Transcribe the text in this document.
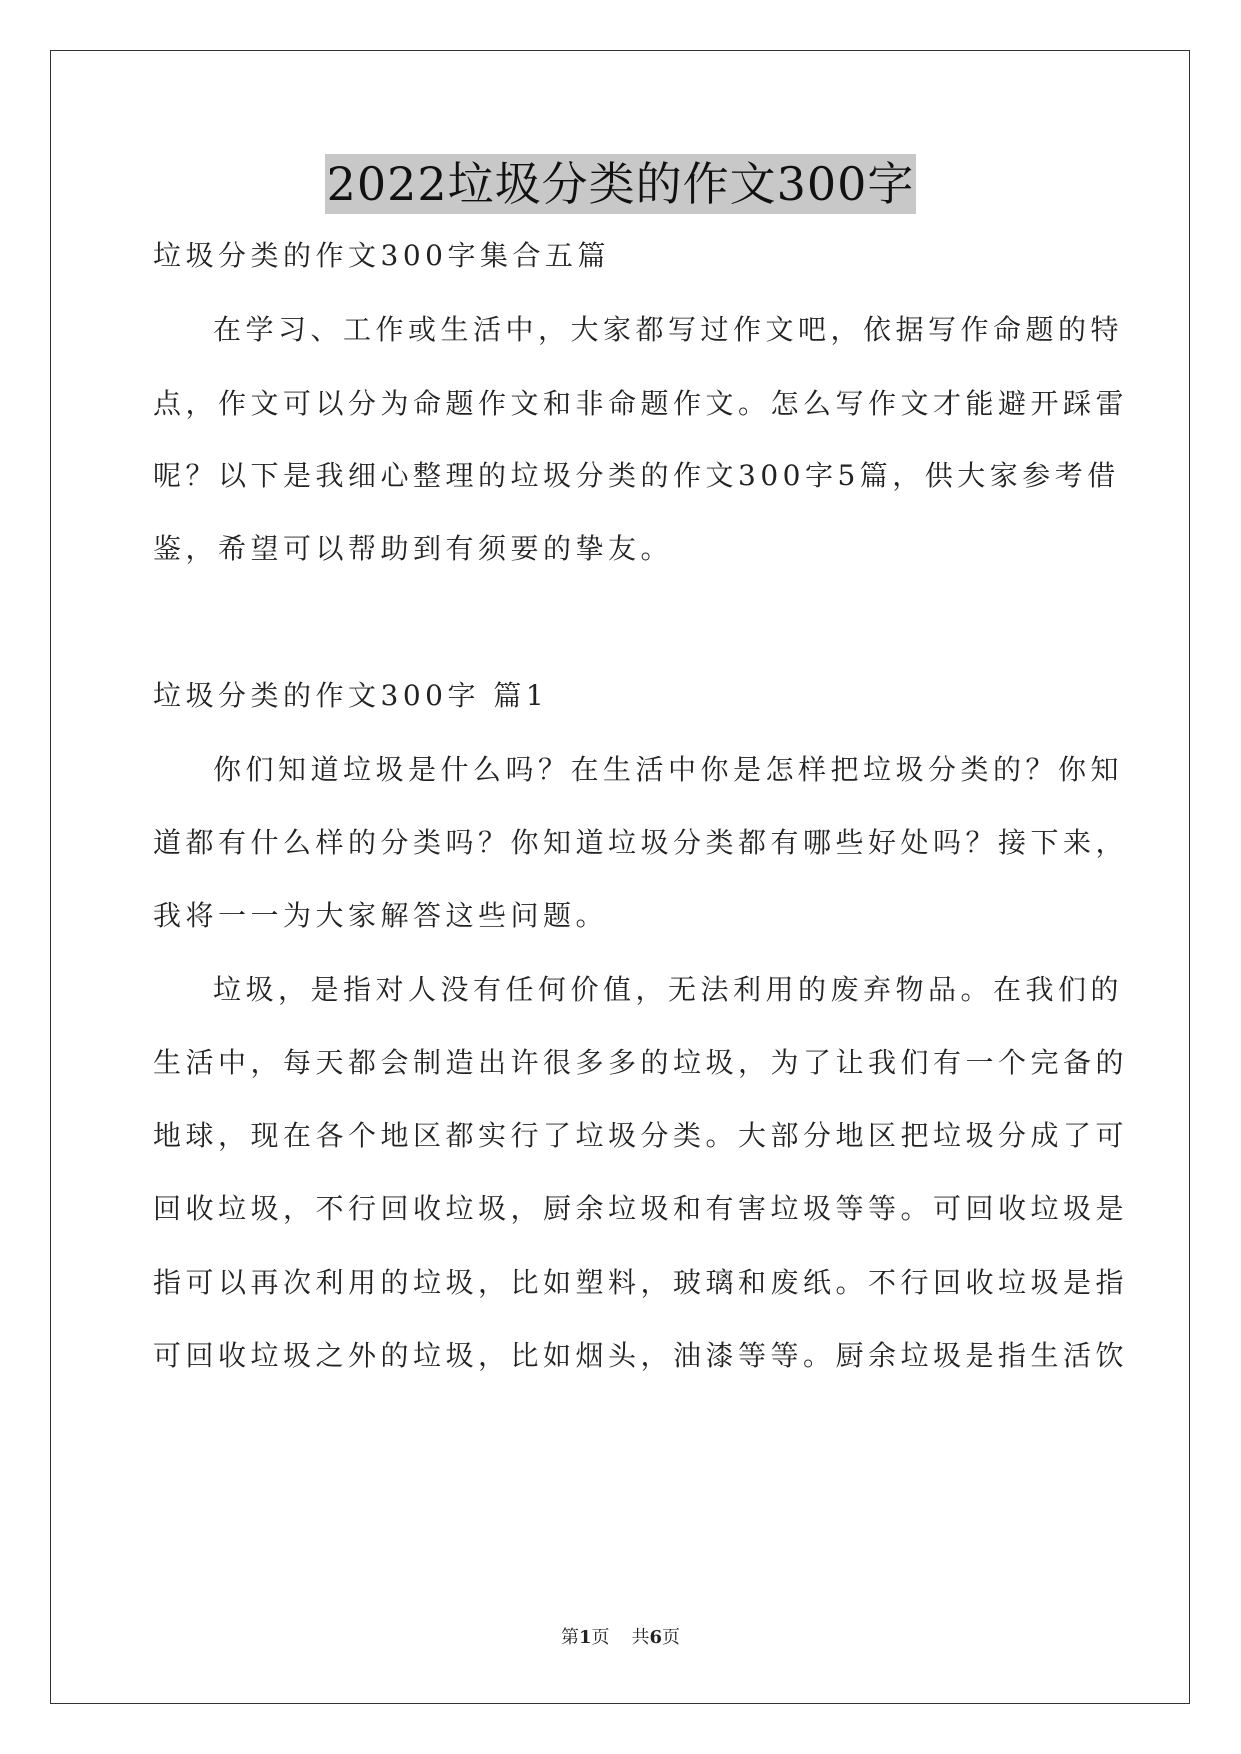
2022垃圾分类的作文300字
垃圾分类的作文300字集合五篇
在学习、工作或生活中，大家都写过作文吧，依据写作命题的特
点，作文可以分为命题作文和非命题作文。怎么写作文才能避开踩雷
呢？以下是我细心整理的垃圾分类的作文300字5篇，供大家参考借
鉴，希望可以帮助到有须要的挚友。
垃圾分类的作文300字 篇1
你们知道垃圾是什么吗？在生活中你是怎样把垃圾分类的？你知
道都有什么样的分类吗？你知道垃圾分类都有哪些好处吗？接下来，
我将一一为大家解答这些问题。
垃圾，是指对人没有任何价值，无法利用的废弃物品。在我们的
生活中，每天都会制造出许很多多的垃圾，为了让我们有一个完备的
地球，现在各个地区都实行了垃圾分类。大部分地区把垃圾分成了可
回收垃圾，不行回收垃圾，厨余垃圾和有害垃圾等等。可回收垃圾是
指可以再次利用的垃圾，比如塑料，玻璃和废纸。不行回收垃圾是指
可回收垃圾之外的垃圾，比如烟头，油漆等等。厨余垃圾是指生活饮
第1页 共6页
